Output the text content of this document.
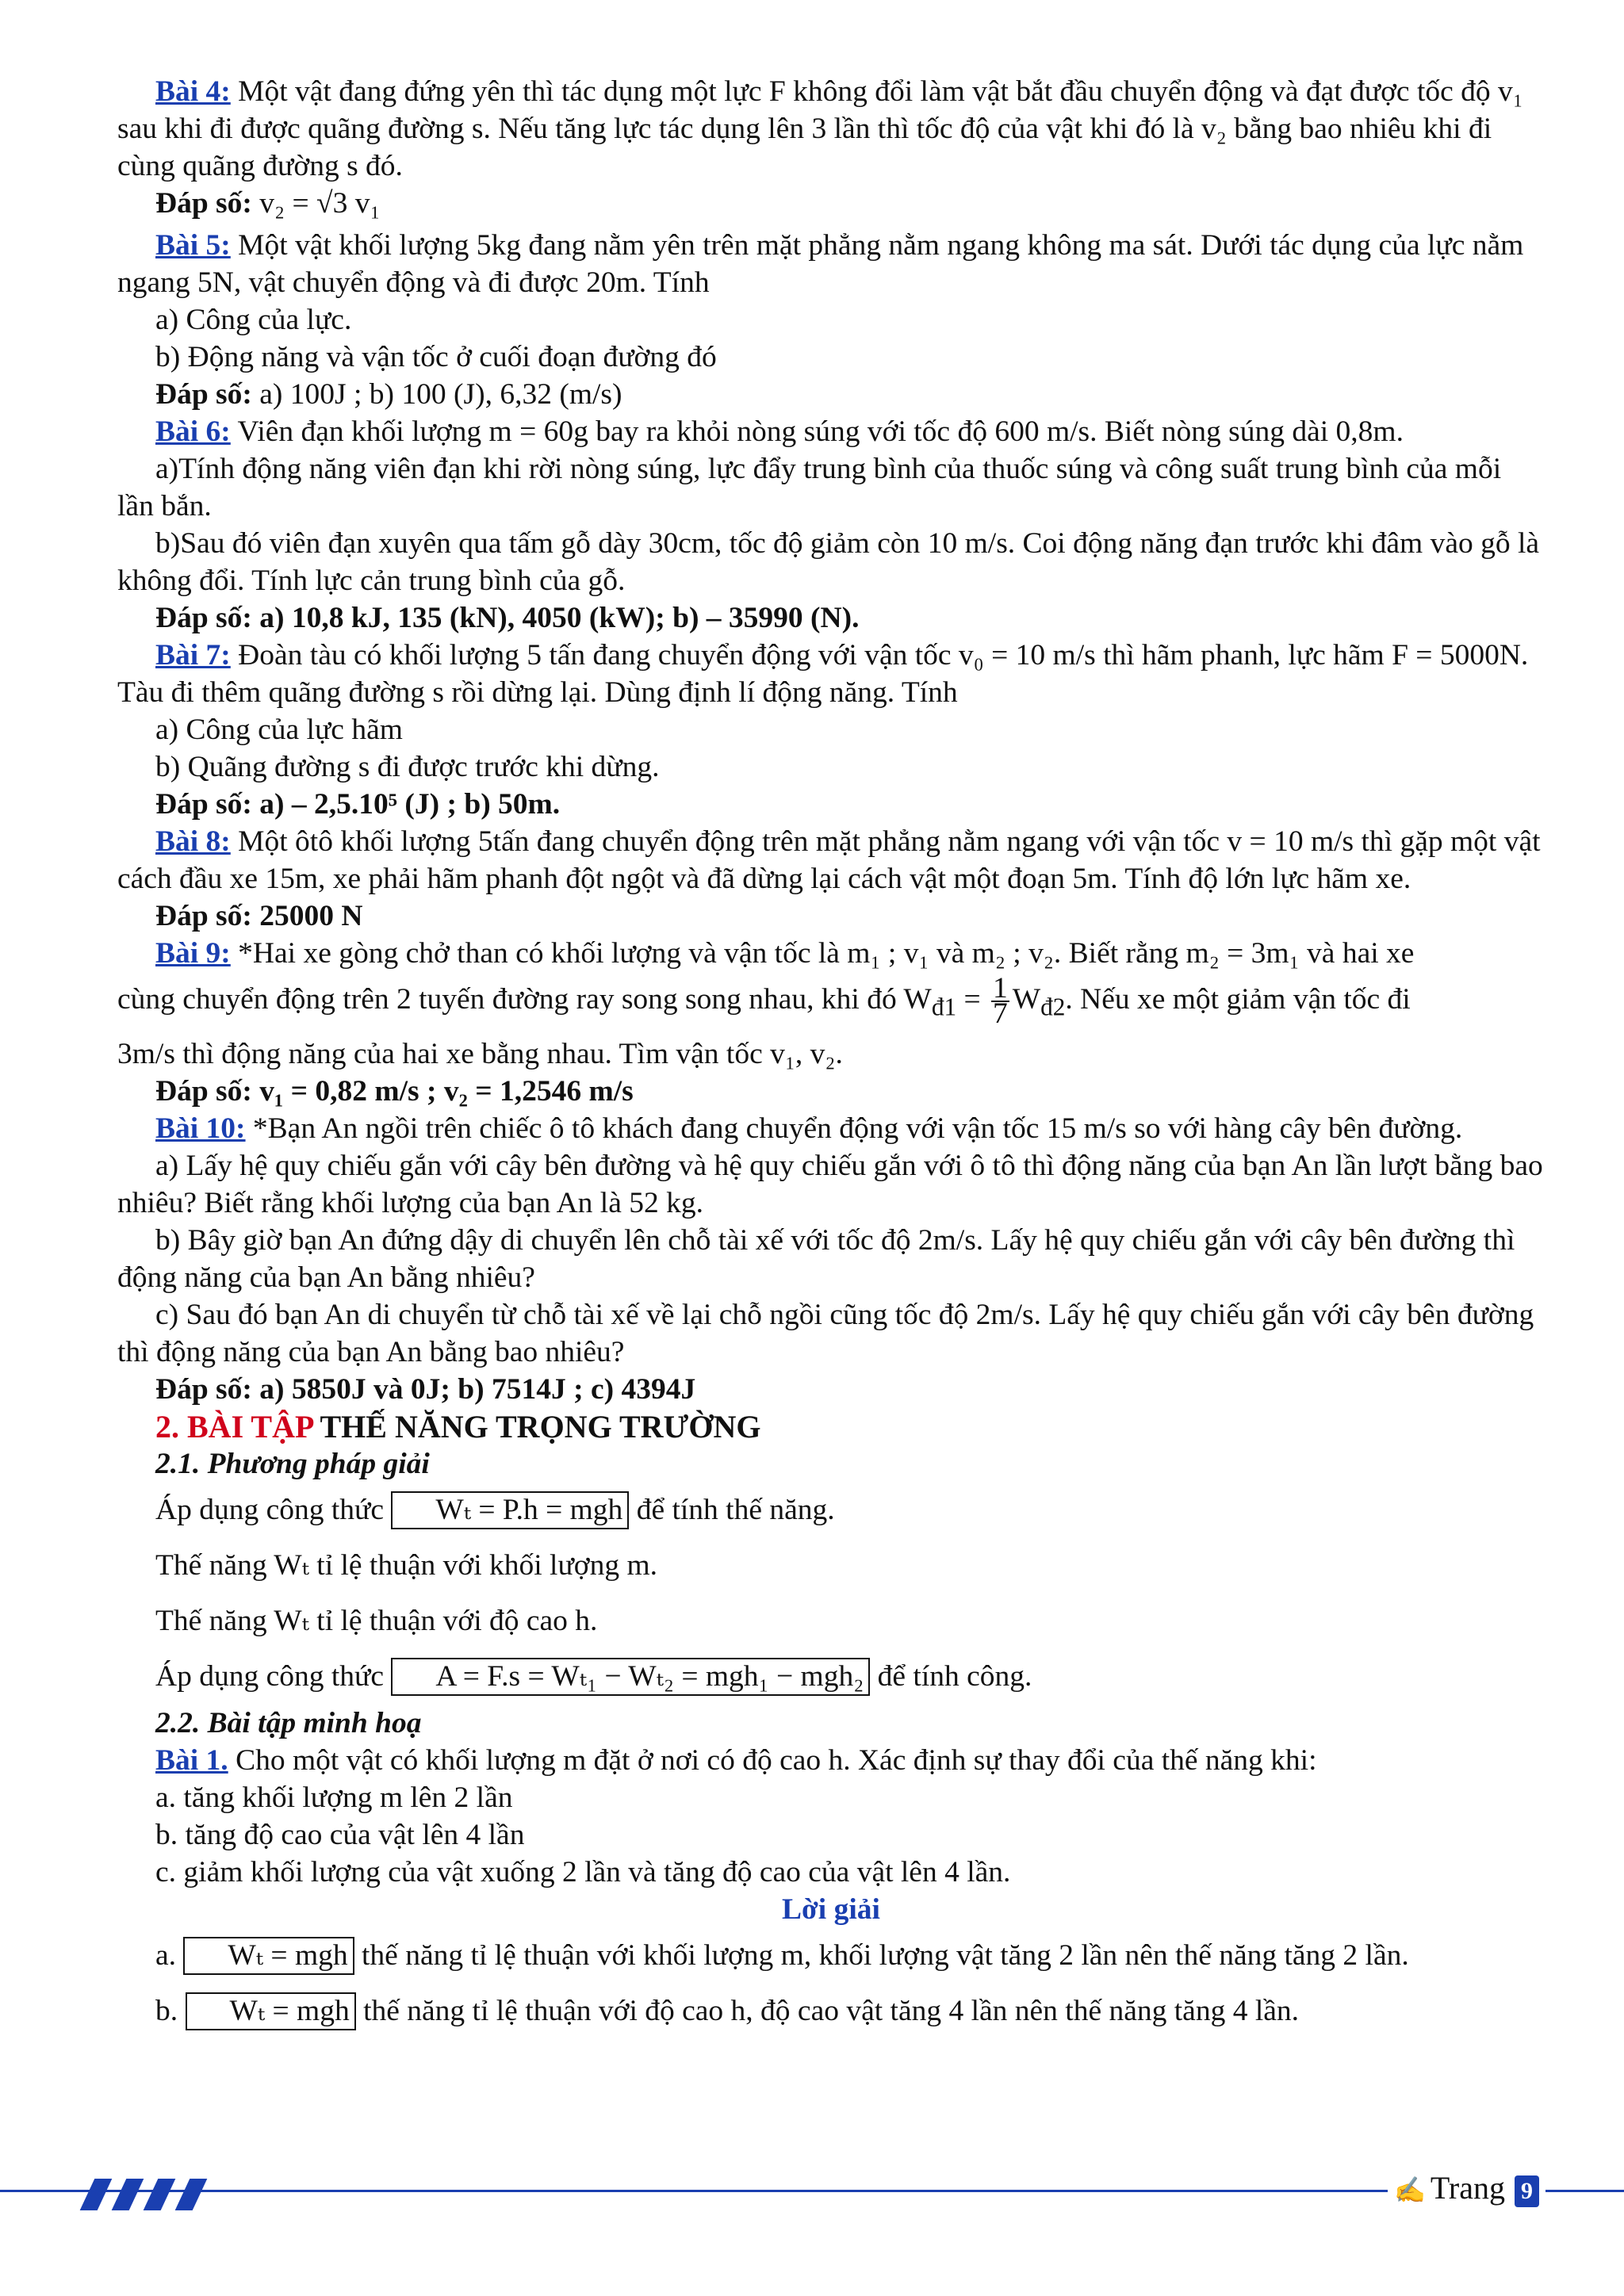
Bài 4: Một vật đang đứng yên thì tác dụng một lực F không đổi làm vật bắt đầu chuyển động và đạt được tốc độ v₁ sau khi đi được quãng đường s. Nếu tăng lực tác dụng lên 3 lần thì tốc độ của vật khi đó là v₂ bằng bao nhiêu khi đi cùng quãng đường s đó.

Đáp số: v₂ = √3 v₁

Bài 5: Một vật khối lượng 5kg đang nằm yên trên mặt phẳng nằm ngang không ma sát. Dưới tác dụng của lực nằm ngang 5N, vật chuyển động và đi được 20m. Tính

a) Công của lực.

b) Động năng và vận tốc ở cuối đoạn đường đó

Đáp số: a) 100J ; b) 100 (J), 6,32 (m/s)

Bài 6: Viên đạn khối lượng m = 60g bay ra khỏi nòng súng với tốc độ 600 m/s. Biết nòng súng dài 0,8m.

a)Tính động năng viên đạn khi rời nòng súng, lực đẩy trung bình của thuốc súng và công suất trung bình của mỗi lần bắn.

b)Sau đó viên đạn xuyên qua tấm gỗ dày 30cm, tốc độ giảm còn 10 m/s. Coi động năng đạn trước khi đâm vào gỗ là không đổi. Tính lực cản trung bình của gỗ.

Đáp số: a) 10,8 kJ, 135 (kN), 4050 (kW); b) – 35990 (N).

Bài 7: Đoàn tàu có khối lượng 5 tấn đang chuyển động với vận tốc v₀ = 10 m/s thì hãm phanh, lực hãm F = 5000N. Tàu đi thêm quãng đường s rồi dừng lại. Dùng định lí động năng. Tính

a) Công của lực hãm

b) Quãng đường s đi được trước khi dừng.

Đáp số: a) – 2,5.10⁵ (J) ; b) 50m.

Bài 8: Một ôtô khối lượng 5tấn đang chuyển động trên mặt phẳng nằm ngang với vận tốc v = 10 m/s thì gặp một vật cách đầu xe 15m, xe phải hãm phanh đột ngột và đã dừng lại cách vật một đoạn 5m. Tính độ lớn lực hãm xe.

Đáp số: 25000 N

Bài 9: *Hai xe gòng chở than có khối lượng và vận tốc là m₁ ; v₁ và m₂ ; v₂. Biết rằng m₂ = 3m₁ và hai xe

cùng chuyển động trên 2 tuyến đường ray song song nhau, khi đó $W_{đ1} = \frac{1}{7} W_{đ2}$. Nếu xe một giảm vận tốc đi

3m/s thì động năng của hai xe bằng nhau. Tìm vận tốc v₁, v₂.

Đáp số: v₁ = 0,82 m/s ; v₂ = 1,2546 m/s

Bài 10: *Bạn An ngồi trên chiếc ô tô khách đang chuyển động với vận tốc 15 m/s so với hàng cây bên đường.

a) Lấy hệ quy chiếu gắn với cây bên đường và hệ quy chiếu gắn với ô tô thì động năng của bạn An lần lượt bằng bao nhiêu? Biết rằng khối lượng của bạn An là 52 kg.

b) Bây giờ bạn An đứng dậy di chuyển lên chỗ tài xế với tốc độ 2m/s. Lấy hệ quy chiếu gắn với cây bên đường thì động năng của bạn An bằng nhiêu?

c) Sau đó bạn An di chuyển từ chỗ tài xế về lại chỗ ngồi cũng tốc độ 2m/s. Lấy hệ quy chiếu gắn với cây bên đường thì động năng của bạn An bằng bao nhiêu?

Đáp số: a) 5850J và 0J; b) 7514J ; c) 4394J

2. BÀI TẬP THẾ NĂNG TRỌNG TRƯỜNG

2.1. Phương pháp giải

Áp dụng công thức Wₜ = P.h = mgh để tính thế năng.

Thế năng Wₜ tỉ lệ thuận với khối lượng m.

Thế năng Wₜ tỉ lệ thuận với độ cao h.

Áp dụng công thức A = F.s = Wₜ₁ − Wₜ₂ = mgh₁ − mgh₂ để tính công.

2.2. Bài tập minh hoạ

Bài 1. Cho một vật có khối lượng m đặt ở nơi có độ cao h. Xác định sự thay đổi của thế năng khi:

a. tăng khối lượng m lên 2 lần

b. tăng độ cao của vật lên 4 lần

c. giảm khối lượng của vật xuống 2 lần và tăng độ cao của vật lên 4 lần.

Lời giải

a. Wₜ = mgh thế năng tỉ lệ thuận với khối lượng m, khối lượng vật tăng 2 lần nên thế năng tăng 2 lần.

b. Wₜ = mgh thế năng tỉ lệ thuận với độ cao h, độ cao vật tăng 4 lần nên thế năng tăng 4 lần.

✍ Trang 9
